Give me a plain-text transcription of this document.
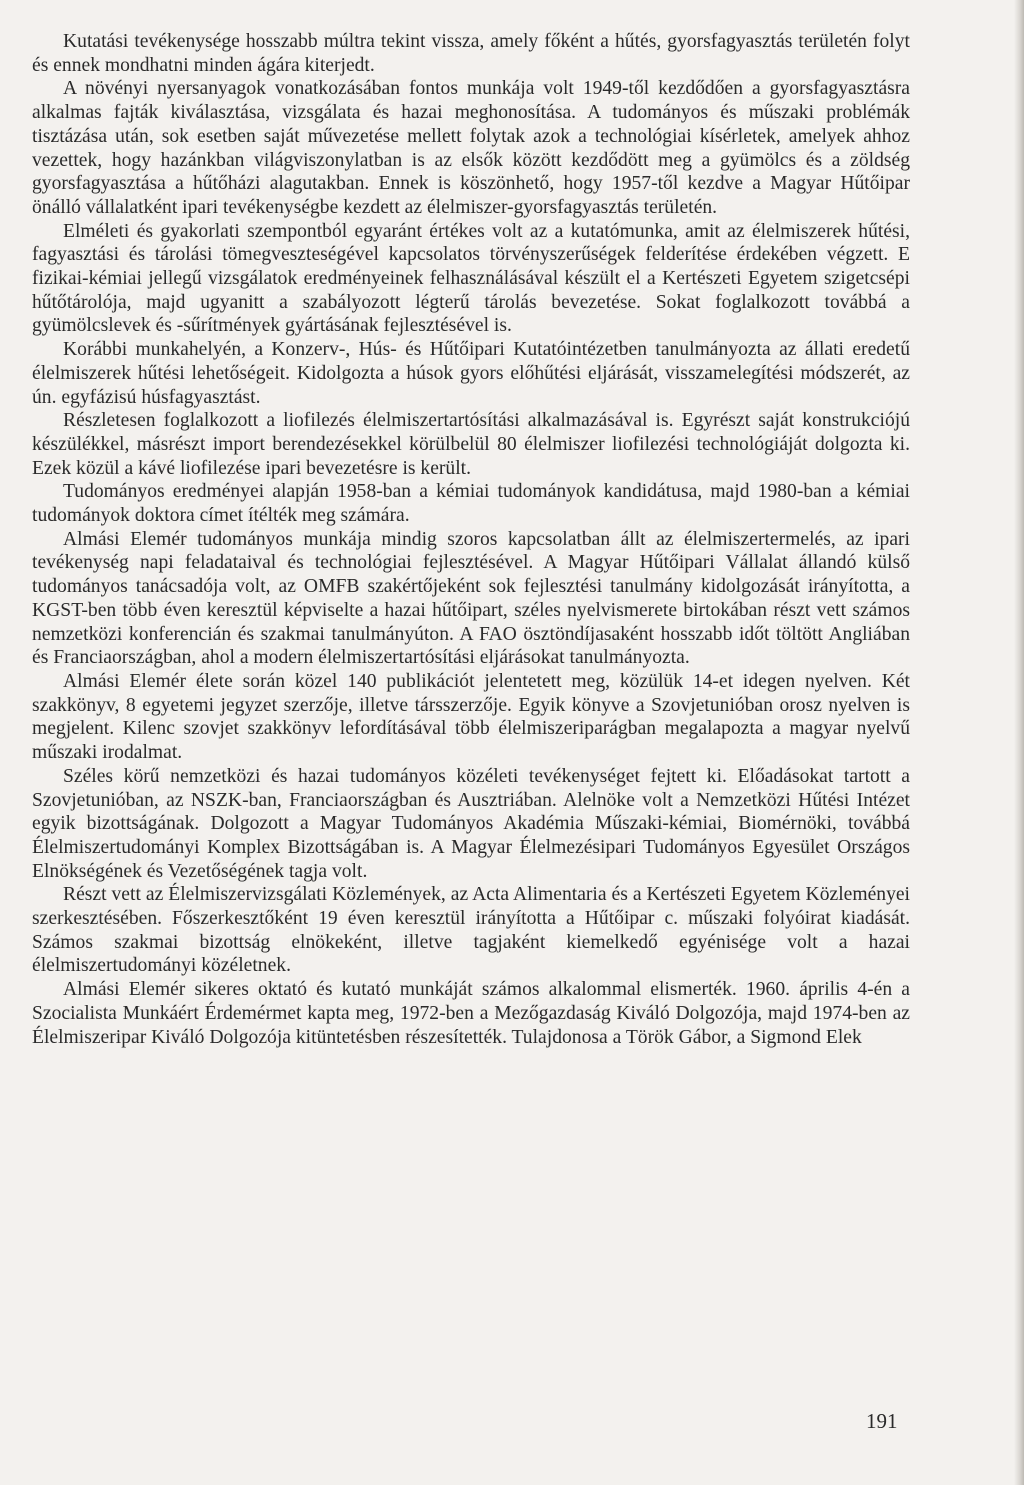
Kutatási tevékenysége hosszabb múltra tekint vissza, amely főként a hűtés, gyorsfagyasztás területén folyt és ennek mondhatni minden ágára kiterjedt.

A növényi nyersanyagok vonatkozásában fontos munkája volt 1949-től kezdődően a gyorsfagyasztásra alkalmas fajták kiválasztása, vizsgálata és hazai meghonosítása. A tudományos és műszaki problémák tisztázása után, sok esetben saját művezetése mellett folytak azok a technológiai kísérletek, amelyek ahhoz vezettek, hogy hazánkban világviszonylatban is az elsők között kezdődött meg a gyümölcs és a zöldség gyorsfagyasztása a hűtőházi alagutakban. Ennek is köszönhető, hogy 1957-től kezdve a Magyar Hűtőipar önálló vállalatként ipari tevékenységbe kezdett az élelmiszer-gyorsfagyasztás területén.

Elméleti és gyakorlati szempontból egyaránt értékes volt az a kutatómunka, amit az élelmiszerek hűtési, fagyasztási és tárolási tömegveszteségével kapcsolatos törvényszerűségek felderítése érdekében végzett. E fizikai-kémiai jellegű vizsgálatok eredményeinek felhasználásával készült el a Kertészeti Egyetem szigetcsépi hűtőtárolója, majd ugyanitt a szabályozott légterű tárolás bevezetése. Sokat foglalkozott továbbá a gyümölcslevek és -sűrítmények gyártásának fejlesztésével is.

Korábbi munkahelyén, a Konzerv-, Hús- és Hűtőipari Kutatóintézetben tanulmányozta az állati eredetű élelmiszerek hűtési lehetőségeit. Kidolgozta a húsok gyors előhűtési eljárását, visszamelegítési módszerét, az ún. egyfázisú húsfagyasztást.

Részletesen foglalkozott a liofilezés élelmiszertartósítási alkalmazásával is. Egyrészt saját konstrukciójú készülékkel, másrészt import berendezésekkel körülbelül 80 élelmiszer liofilezési technológiáját dolgozta ki. Ezek közül a kávé liofilezése ipari bevezetésre is került.

Tudományos eredményei alapján 1958-ban a kémiai tudományok kandidátusa, majd 1980-ban a kémiai tudományok doktora címet ítélték meg számára.

Almási Elemér tudományos munkája mindig szoros kapcsolatban állt az élelmiszertermelés, az ipari tevékenység napi feladataival és technológiai fejlesztésével. A Magyar Hűtőipari Vállalat állandó külső tudományos tanácsadója volt, az OMFB szakértőjeként sok fejlesztési tanulmány kidolgozását irányította, a KGST-ben több éven keresztül képviselte a hazai hűtőipart, széles nyelvismerete birtokában részt vett számos nemzetközi konferencián és szakmai tanulmányúton. A FAO ösztöndíjasaként hosszabb időt töltött Angliában és Franciaországban, ahol a modern élelmiszertartósítási eljárásokat tanulmányozta.

Almási Elemér élete során közel 140 publikációt jelentetett meg, közülük 14-et idegen nyelven. Két szakkönyv, 8 egyetemi jegyzet szerzője, illetve társszerzője. Egyik könyve a Szovjetunióban orosz nyelven is megjelent. Kilenc szovjet szakkönyv lefordításával több élelmiszeriparágban megalapozta a magyar nyelvű műszaki irodalmat.

Széles körű nemzetközi és hazai tudományos közéleti tevékenységet fejtett ki. Előadásokat tartott a Szovjetunióban, az NSZK-ban, Franciaországban és Ausztriában. Alelnöke volt a Nemzetközi Hűtési Intézet egyik bizottságának. Dolgozott a Magyar Tudományos Akadémia Műszaki-kémiai, Biomérnöki, továbbá Élelmiszertudományi Komplex Bizottságában is. A Magyar Élelmezésipari Tudományos Egyesület Országos Elnökségének és Vezetőségének tagja volt.

Részt vett az Élelmiszervizsgálati Közlemények, az Acta Alimentaria és a Kertészeti Egyetem Közleményei szerkesztésében. Főszerkesztőként 19 éven keresztül irányította a Hűtőipar c. műszaki folyóirat kiadását. Számos szakmai bizottság elnökeként, illetve tagjaként kiemelkedő egyénisége volt a hazai élelmiszertudományi közéletnek.

Almási Elemér sikeres oktató és kutató munkáját számos alkalommal elismerték. 1960. április 4-én a Szocialista Munkáért Érdemérmet kapta meg, 1972-ben a Mezőgazdaság Kiváló Dolgozója, majd 1974-ben az Élelmiszeripar Kiváló Dolgozója kitüntetésben részesítették. Tulajdonosa a Török Gábor, a Sigmond Elek

191
